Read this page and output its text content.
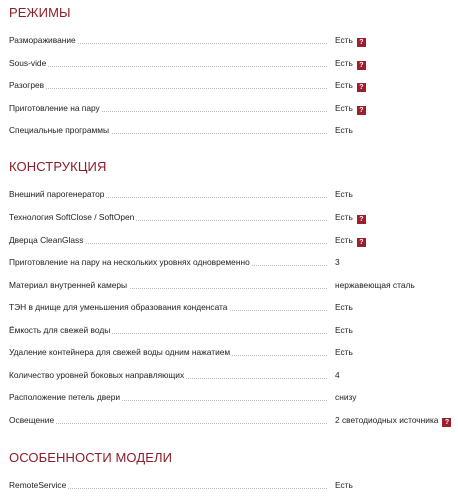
РЕЖИМЫ
Размораживание	Есть ?
Sous-vide	Есть ?
Разогрев	Есть ?
Приготовление на пару	Есть ?
Специальные программы	Есть
КОНСТРУКЦИЯ
Внешний парогенератор	Есть
Технология SoftClose / SoftOpen	Есть ?
Дверца CleanGlass	Есть ?
Приготовление на пару на нескольких уровнях одновременно	3
Материал внутренней камеры	нержавеющая сталь
ТЭН в днище для уменьшения образования конденсата	Есть
Ёмкость для свежей воды	Есть
Удаление контейнера для свежей воды одним нажатием	Есть
Количество уровней боковых направляющих	4
Расположение петель двери	снизу
Освещение	2 светодиодных источника ?
ОСОБЕННОСТИ МОДЕЛИ
RemoteService	Есть
